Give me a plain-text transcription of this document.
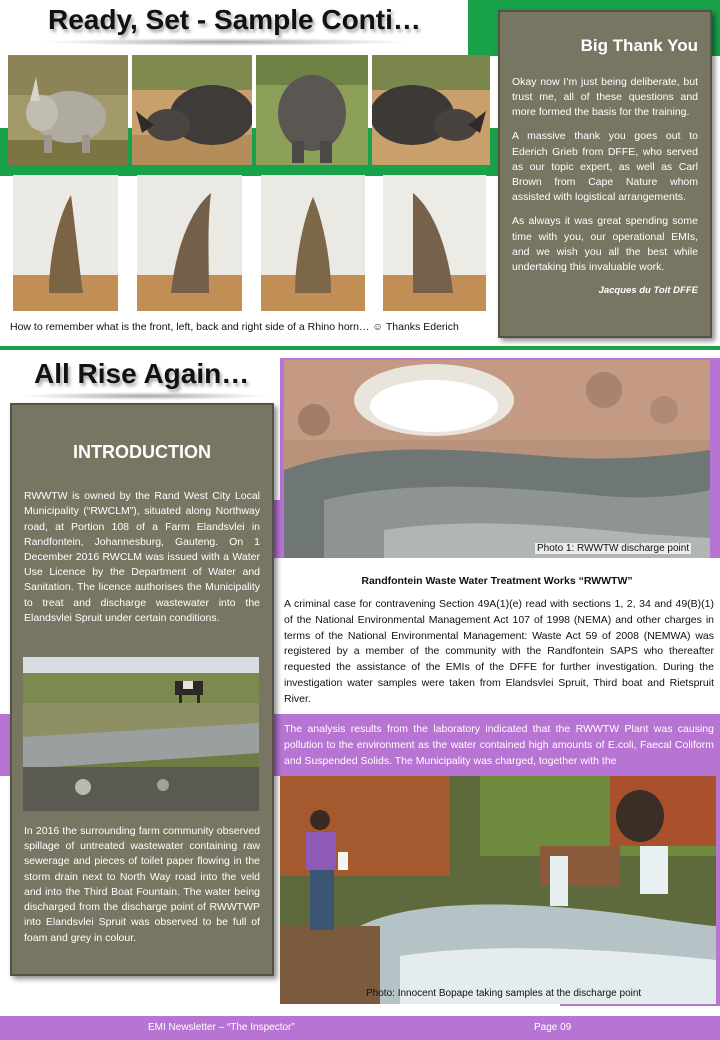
Ready, Set - Sample Conti…
How to remember what is the front, left, back and right side of a Rhino horn… ☺ Thanks Ederich
Big Thank You

Okay now I’m just being deliberate, but trust me, all of these questions and more formed the basis for the training.

A massive thank you goes out to Ederich Grieb from DFFE, who served as our topic expert, as well as Carl Brown from Cape Nature whom assisted with logistical arrangements.

As always it was great spending some time with you, our operational EMIs, and we wish you all the best while undertaking this invaluable work.

Jacques du Toit DFFE
All Rise Again…
INTRODUCTION

RWWTW is owned by the Rand West City Local Municipality (“RWCLM”), situated along Northway road, at Portion 108 of a Farm Elandsvlei in Randfontein, Johannesburg, Gauteng. On 1 December 2016 RWCLM was issued with a Water Use Licence by the Department of Water and Sanitation. The licence authorises the Municipality to treat and discharge wastewater into the Elandsvlei Spruit under certain conditions.

In 2016 the surrounding farm community observed spillage of untreated wastewater containing raw sewerage and pieces of toilet paper flowing in the storm drain next to North Way road into the veld and into the Third Boat Fountain. The water being discharged from the discharge point of RWWTWP into Elandsvlei Spruit was observed to be full of foam and grey in colour.
Photo 1: RWWTW discharge point
Randfontein Waste Water Treatment Works “RWWTW”
A criminal case for contravening Section 49A(1)(e) read with sections 1, 2, 34 and 49(B)(1) of the National Environmental Management Act 107 of 1998 (NEMA) and other charges in terms of the National Environmental Management: Waste Act 59 of 2008 (NEMWA) was registered by a member of the community with the Randfontein SAPS who thereafter requested the assistance of the EMIs of the DFFE for further investigation. During the investigation water samples were taken from Elandsvlei Spruit, Third boat and Rietspruit River.
The analysis results from the laboratory indicated that the RWWTW Plant was causing pollution to the environment as the water contained high amounts of E.coli, Faecal Coliform and Suspended Solids. The Municipality was charged, together with the
Photo: Innocent Bopape taking samples at the discharge point
EMI Newsletter – “The Inspector”	Page 09
